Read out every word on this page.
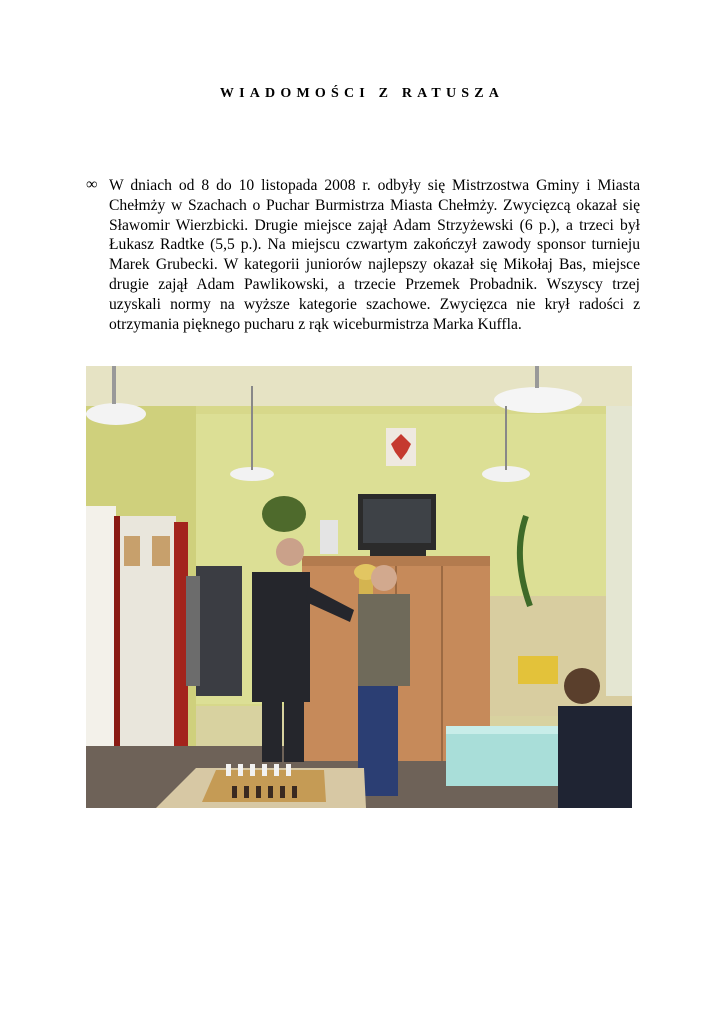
WIADOMOŚCI Z RATUSZA
∞ W dniach od 8 do 10 listopada 2008 r. odbyły się Mistrzostwa Gminy i Miasta Chełmży w Szachach o Puchar Burmistrza Miasta Chełmży. Zwycięzcą okazał się Sławomir Wierzbicki. Drugie miejsce zajął Adam Strzyżewski (6 p.), a trzeci był Łukasz Radtke (5,5 p.). Na miejscu czwartym zakończył zawody sponsor turnieju Marek Grubecki. W kategorii juniorów najlepszy okazał się Mikołaj Bas, miejsce drugie zajął Adam Pawlikowski, a trzecie Przemek Probadnik. Wszyscy trzej uzyskali normy na wyższe kategorie szachowe. Zwycięzca nie krył radości z otrzymania pięknego pucharu z rąk wiceburmistrza Marka Kuffla.
